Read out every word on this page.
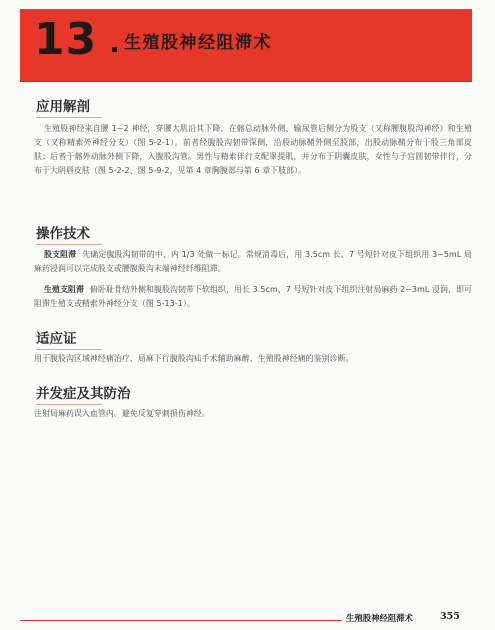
13 生殖股神经阻滞术
应用解剖
生殖股神经来自腰 1~2 神经，穿腰大肌沿其下降，在髂总动脉外侧、输尿管后侧分为股支（又称腰腹股沟神经）和生殖支（又称精索外神经分支）（图 5-2-1）。前者经腹股沟韧带深侧，沿股动脉鞘外侧至股部，出股动脉鞘分布于股三角部皮肤；后者于髂外动脉外侧下降，入腹股沟管。男性与精索伴行支配睾提肌，并分布于阴囊皮肤，女性与子宫圆韧带伴行，分布于大阴唇皮肤（图 5-2-2、图 5-9-2，见第 4 章胸腹部与第 6 章下肢部）。
操作技术
股支阻滞 先确定腹股沟韧带的中、内 1/3 处做一标记。常规消毒后，用 3.5cm 长、7 号短针对皮下组织用 3~5mL 局麻药浸润可以完成股支或腰腹股沟末端神经纤维阻滞。
生殖支阻滞 俯卧耻骨结外侧和腹股沟韧带下软组织，用长 3.5cm、7 号短针对皮下组织注射局麻药 2~3mL 浸润，即可阻滞生殖支或精索外神经分支（图 5-13-1）。
适应证
用于腹股沟区域神经痛治疗、局麻下行腹股沟疝手术辅助麻醉、生殖股神经痛的鉴别诊断。
并发症及其防治
注射局麻药误入血管内。避免反复穿刺损伤神经。
生殖股神经阻滞术	355
